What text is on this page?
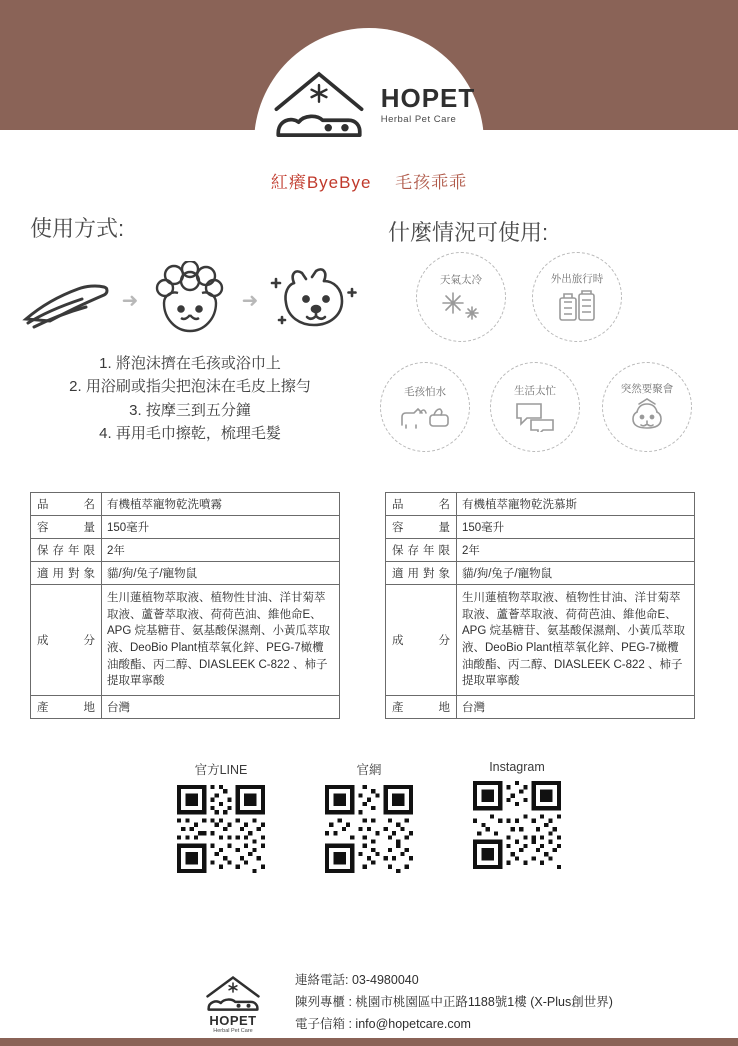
HOPET
Herbal Pet Care
紅癢ByeBye 毛孩乖乖
使用方式:	什麼情況可使用:
➜	➜
1. 將泡沫擠在毛孩或浴巾上
2. 用浴刷或指尖把泡沫在毛皮上擦勻
3. 按摩三到五分鐘
4. 再用毛巾擦乾，梳理毛髮
天氣太冷	外出旅行時
毛孩怕水	生活太忙	突然要聚會
品　　名	有機植萃寵物乾洗噴霧
容　　量	150毫升
保存年限	2年
適用對象	貓/狗/兔子/寵物鼠
成　　分	生川蓮植物萃取液、植物性甘油、洋甘菊萃取液、蘆薈萃取液、荷荷芭油、維他命E、APG 烷基糖苷、氨基酸保濕劑、小黃瓜萃取液、DeoBio Plant植萃氧化鋅、PEG-7橄欖油酸酯、丙二醇、DIASLEEK C-822 、柿子提取單寧酸
產　　地	台灣
品　　名	有機植萃寵物乾洗慕斯
容　　量	150毫升
保存年限	2年
適用對象	貓/狗/兔子/寵物鼠
成　　分	生川蓮植物萃取液、植物性甘油、洋甘菊萃取液、蘆薈萃取液、荷荷芭油、維他命E、APG 烷基糖苷、氨基酸保濕劑、小黃瓜萃取液、DeoBio Plant植萃氧化鋅、PEG-7橄欖油酸酯、丙二醇、DIASLEEK C-822 、柿子提取單寧酸
產　　地	台灣
官方LINE	官網	Instagram
HOPET
Herbal Pet Care
連絡電話: 03-4980040
陳列專櫃 : 桃園市桃園區中正路1188號1樓 (X-Plus創世界)
電子信箱 : info@hopetcare.com
